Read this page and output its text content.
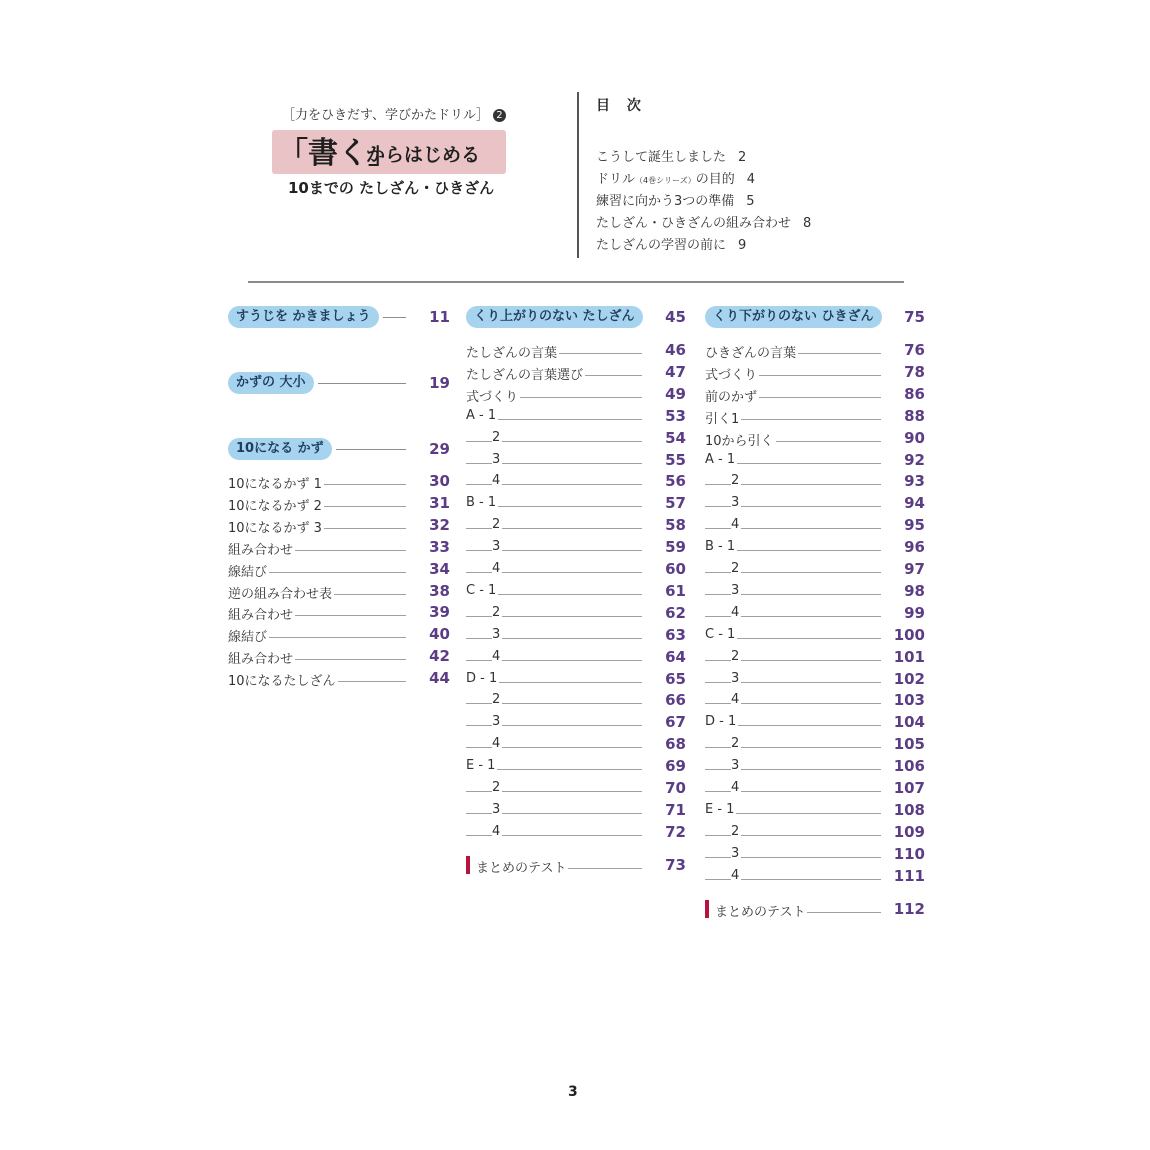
［力をひきだす、学びかたドリル］ 2
「書く」
からはじめる
10までの たしざん・ひきざん
目 次
こうして誕生しました 2
ドリル（4巻シリーズ）の目的 4
練習に向かう3つの準備 5
たしざん・ひきざんの組み合わせ 8
たしざんの学習の前に 9
すうじを かきましょう	11
かずの 大小	19
10になる かず	29
10になるかず 1	30
10になるかず 2	31
10になるかず 3	32
組み合わせ	33
線結び	34
逆の組み合わせ表	38
組み合わせ	39
線結び	40
組み合わせ	42
10になるたしざん	44
くり上がりのない たしざん	45
たしざんの言葉	46
たしざんの言葉選び	47
式づくり	49
A - 1	53
2	54
3	55
4	56
B - 1	57
2	58
3	59
4	60
C - 1	61
2	62
3	63
4	64
D - 1	65
2	66
3	67
4	68
E - 1	69
2	70
3	71
4	72
まとめのテスト	73
くり下がりのない ひきざん	75
ひきざんの言葉	76
式づくり	78
前のかず	86
引く1	88
10から引く	90
A - 1	92
2	93
3	94
4	95
B - 1	96
2	97
3	98
4	99
C - 1	100
2	101
3	102
4	103
D - 1	104
2	105
3	106
4	107
E - 1	108
2	109
3	110
4	111
まとめのテスト	112
3
